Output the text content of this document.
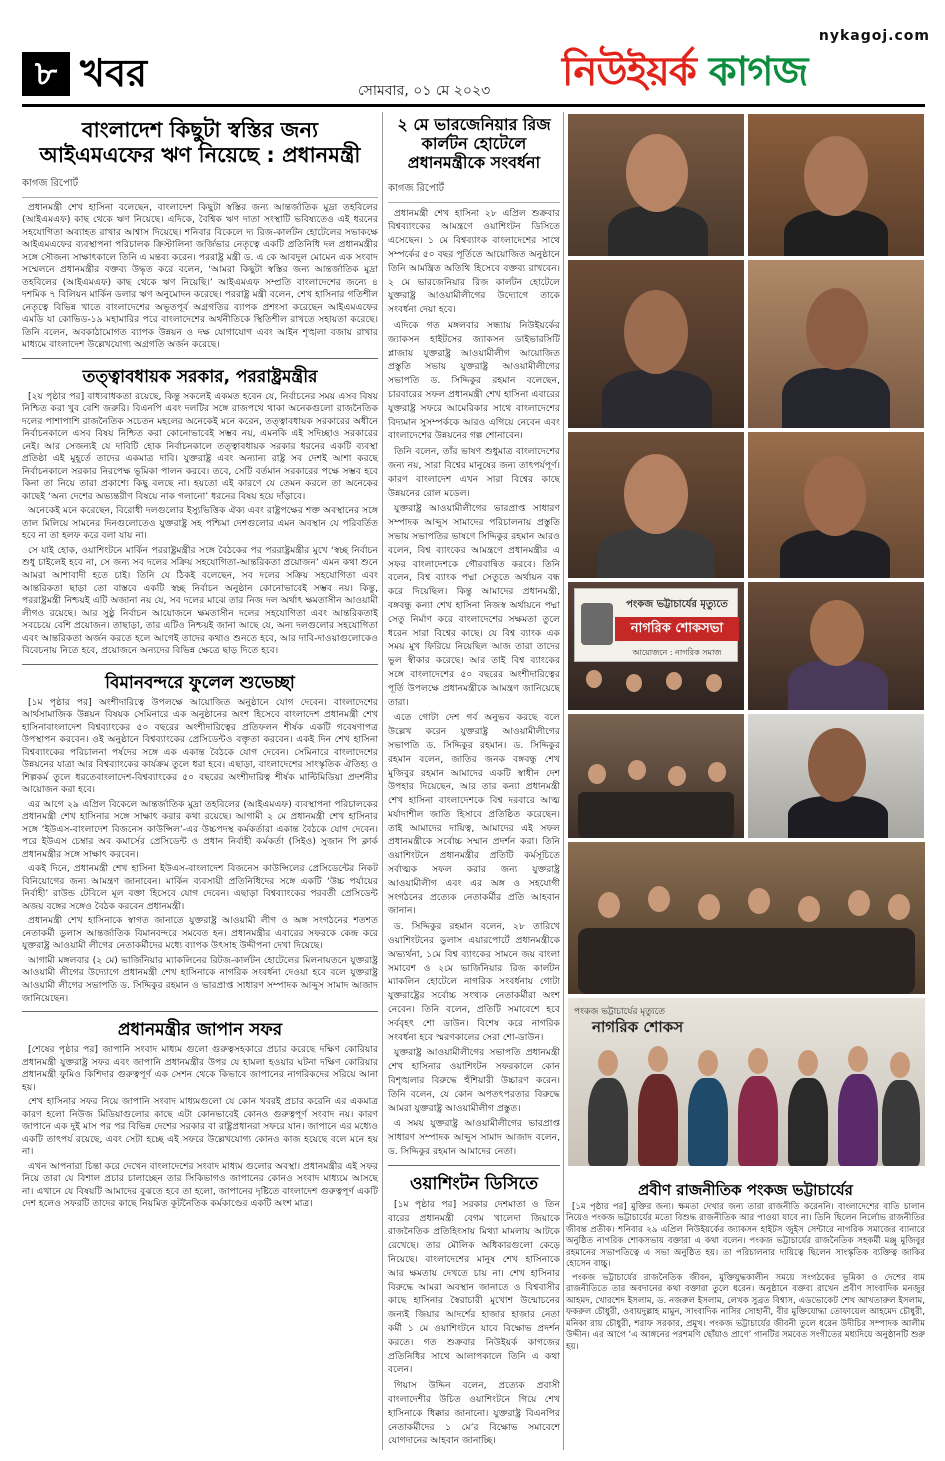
৮ খবর	সোমবার, ০১ মে ২০২৩
nykagoj.com
নিউইয়র্ক কাগজ
বাংলাদেশ কিছুটা স্বস্তির জন্য আইএমএফের ঋণ নিয়েছে : প্রধানমন্ত্রী
কাগজ রিপোর্ট

প্রধানমন্ত্রী শেখ হাসিনা বলেছেন, বাংলাদেশ কিছুটা স্বস্তির জন্য আন্তর্জাতিক মুদ্রা তহবিলের (আইএমএফ) কাছ থেকে ঋণ নিয়েছে। এদিকে, বৈশ্বিক ঋণ দাতা সংস্থাটি ভবিষ্যতেও এই ধরনের সহযোগিতা অব্যাহত রাখার আশ্বাস দিয়েছে। শনিবার বিকেলে দ্য রিজ-কার্লটন হোটেলের সভাকক্ষে আইএমএফের ব্যবস্থাপনা পরিচালক ক্রিস্টালিনা জর্জিভার নেতৃত্বে একটি প্রতিনিধি দল প্রধানমন্ত্রীর সঙ্গে সৌজন্য সাক্ষাৎকালে তিনি এ মন্তব্য করেন। পররাষ্ট্র মন্ত্রী ড. এ কে আবদুল মোমেন এক সংবাদ সম্মেলনে প্রধানমন্ত্রীর বক্তব্য উদ্ধৃত করে বলেন, ‘আমরা কিছুটা স্বস্তির জন্য আন্তর্জাতিক মুদ্রা তহবিলের (আইএমএফ) কাছ থেকে ঋণ নিয়েছি।’ আইএমএফ সম্প্রতি বাংলাদেশের জন্যে ৪ দশমিক ৭ বিলিয়ন মার্কিন ডলার ঋণ অনুমোদন করেছে। পররাষ্ট্র মন্ত্রী বলেন, শেখ হাসিনার গতিশীল নেতৃত্বে বিভিন্ন খাতে বাংলাদেশের অভূতপূর্ব অগ্রগতির ব্যাপক প্রশংসা করেছেন আইএমএফের এমডি যা কোভিড-১৯ মহামারির পরে বাংলাদেশের অর্থনীতিকে স্থিতিশীল রাখতে সহায়তা করেছে। তিনি বলেন, অবকাঠামোগত ব্যাপক উন্নয়ন ও দক্ষ যোগাযোগ এবং আইন শৃঙ্খলা বজায় রাখার মাধ্যমে বাংলাদেশ উল্লেখযোগ্য অগ্রগতি অর্জন করেছে।

তত্ত্বাবধায়ক সরকার, পররাষ্ট্রমন্ত্রীর

[২য় পৃষ্ঠার পর] বাধ্যবাধকতা রয়েছে, কিন্তু সকলেই একমত হবেন যে, নির্বাচনের সময় এসব বিষয় নিশ্চিত করা খুব বেশি জরুরি। বিএনপি এবং দলটির সঙ্গে রাজপথে থাকা অনেকগুলো রাজনৈতিক দলের পাশাপাশি রাজনৈতিক সচেতন মহলের অনেকেই মনে করেন, তত্ত্বাবধায়ক সরকারের অধীনে নির্বাচনকালে এসব বিষয় নিশ্চিত করা কোনোভাবেই সম্ভব নয়, এমনকি এই সদিচ্ছাও সরকারের নেই। আর সেজন্যই যে দাবিটি হোক নির্বাচনকালে তত্ত্বাবধায়ক সরকার ধরনের একটি ব্যবস্থা প্রতিষ্ঠা এই মুহূর্তে তাদের একমাত্র দাবি। যুক্তরাষ্ট্র এবং অন্যান্য রাষ্ট্র সব দেশই আশা করছে নির্বাচনকালে সরকার নিরপেক্ষ ভূমিকা পালন করবে। তবে, সেটি বর্তমান সরকারের পক্ষে সম্ভব হবে কিনা তা নিয়ে তারা প্রকাশ্যে কিছু বলছে না। হয়তো এই কারণে যে তেমন করলে তা অনেকের কাছেই ‘অন্য দেশের অভ্যন্তরীণ বিষয়ে নাক গলানো’ ধরনের বিষয় হয়ে দাঁড়াবে।

অনেকেই মনে করেছেন, বিরোধী দলগুলোর ইস্যুভিত্তিক ঐক্য এবং রাষ্ট্রপক্ষের শক্ত অবস্থানের সঙ্গে তাল মিলিয়ে সামনের দিনগুলোতেও যুক্তরাষ্ট্র সহ পশ্চিমা দেশগুলোর এমন অবস্থান যে পরিবর্তিত হবে না তা হলফ করে বলা যায় না।

সে যাই হোক, ওয়াশিংটনে মার্কিন পররাষ্ট্রমন্ত্রীর সঙ্গে বৈঠকের পর পররাষ্ট্রমন্ত্রীর মুখে ‘স্বচ্ছ নির্বাচন শুধু চাইলেই হবে না, সে জন্য সব দলের সক্রিয় সহযোগিতা-আন্তরিকতা প্রয়োজন’ এমন কথা শুনে আমরা আশাবাদী হতে চাই। তিনি যে ঠিকই বলেছেন, সব দলের সক্রিয় সহযোগিতা এবং আন্তরিকতা ছাড়া তো বাস্তবে একটি স্বচ্ছ নির্বাচন অনুষ্ঠান কোনোভাবেই সম্ভব নয়। কিন্তু, পররাষ্ট্রমন্ত্রী নিশ্চয়ই এটি অজানা নয় যে, সব দলের মাঝে তার নিজ দল অর্থাৎ ক্ষমতাসীন আওয়ামী লীগও রয়েছে। আর সুষ্ঠু নির্বাচন আয়োজনে ক্ষমতাসীন দলের সহযোগিতা এবং আন্তরিকতাই সবচেয়ে বেশি প্রয়োজন। তাছাড়া, তার এটিও নিশ্চয়ই জানা আছে যে, অন্য দলগুলোর সহযোগিতা এবং আন্তরিকতা অর্জন করতে হলে আগেই তাদের কথাও শুনতে হবে, আর দাবি-দাওয়াগুলোকেও বিবেচনায় নিতে হবে, প্রয়োজনে অন্যদের বিভিন্ন ক্ষেত্রে ছাড় দিতে হবে।

বিমানবন্দরে ফুলেল শুভেচ্ছা

[১ম পৃষ্ঠার পর] অংশীদারিত্বে উপলক্ষে আয়োজিত অনুষ্ঠানে যোগ দেবেন। বাংলাদেশের আর্থসামাজিক উন্নয়ন বিষয়ক সেমিনারে এক অনুষ্ঠানের অংশ হিসেবে বাংলাদেশ প্রধানমন্ত্রী শেখ হাসিনাবাংলাদেশ বিশ্বব্যাংকের ৫০ বছরের অংশীদারিত্বের প্রতিফলন শীর্ষক একটি গবেষণাপত্র উপস্থাপন করবেন। ওই অনুষ্ঠানে বিশ্বব্যাংকের প্রেসিডেন্টও বক্তৃতা করবেন। একই দিন শেখ হাসিনা বিশ্বব্যাংকের পরিচালনা পর্ষদের সঙ্গে এক একান্ত বৈঠকে যোগ দেবেন। সেমিনারে বাংলাদেশের উন্নয়নের যাত্রা আর বিশ্বব্যাংকের কার্যক্রম তুলে ধরা হবে। এছাড়া, বাংলাদেশের সাংস্কৃতিক ঐতিহ্য ও শিল্পকর্ম তুলে ধরতেবাংলাদেশ-বিশ্বব্যাংকের ৫০ বছরের অংশীদারিত্ব শীর্ষক মাল্টিমিডিয়া প্রদর্শনীর আয়োজন করা হবে।

এর আগে ২৯ এপ্রিল বিকেলে আন্তর্জাতিক মুদ্রা তহবিলের (আইএমএফ) ব্যবস্থাপনা পরিচালকের প্রধানমন্ত্রী শেখ হাসিনার সঙ্গে সাক্ষাৎ করার কথা রয়েছে। আগামী ২ মে প্রধানমন্ত্রী শেখ হাসিনার সঙ্গে ‘ইউএস-বাংলাদেশ বিজনেস কাউন্সিল’-এর উচ্চপদস্থ কর্মকর্তারা একান্ত বৈঠকে যোগ দেবেন। পরে ইউএস চেম্বার অব কমার্সের প্রেসিডেন্ট ও প্রধান নির্বাহী কর্মকর্তা (সিইও) সুজান পি ক্লার্ক প্রধানমন্ত্রীর সঙ্গে সাক্ষাৎ করবেন।

একই দিনে, প্রধানমন্ত্রী শেখ হাসিনা ইউএস-বাংলাদেশ বিজনেস কাউন্সিলের প্রেসিডেন্টের নিকট বিনিয়োগের জন্য আমন্ত্রণ জানাবেন। মার্কিন ব্যবসায়ী প্রতিনিধিদের সঙ্গে একটি ‘উচ্চ পর্যায়ের নির্বাহী’ রাউন্ড টেবিলে মূল বক্তা হিসেবে যোগ দেবেন। এছাড়া বিশ্বব্যাংকের পরবর্তী প্রেসিডেন্ট অজয় বঙ্গের সঙ্গেও বৈঠক করবেন প্রধানমন্ত্রী।

প্রধানমন্ত্রী শেখ হাসিনাকে স্বাগত জানাতে যুক্তরাষ্ট্র আওয়ামী লীগ ও অঙ্গ সংগঠনের শতশত নেতাকর্মী ডুলাস আন্তর্জাতিক বিমানবন্দরে সমবেত হন। প্রধানমন্ত্রীর এবারের সফরকে কেন্দ্র করে যুক্তরাষ্ট্র আওয়ামী লীগের নেতাকর্মীদের মধ্যে ব্যাপক উৎসাহ উদ্দীপনা দেখা দিয়েছে।

আগামী মঙ্গলবার (২ মে) ভার্জিনিয়ার ম্যাকলিনের রিটজ-কার্লটন হোটেলের মিলনায়তনে যুক্তরাষ্ট্র আওয়ামী লীগের উদ্যোগে প্রধানমন্ত্রী শেখ হাসিনাকে নাগরিক সংবর্ধনা দেওয়া হবে বলে যুক্তরাষ্ট্র আওয়ামী লীগের সভাপতি ড. সিদ্দিকুর রহমান ও ভারপ্রাপ্ত সাধারণ সম্পাদক আব্দুস সামাদ আজাদ জানিয়েছেন।

প্রধানমন্ত্রীর জাপান সফর

[শেষের পৃষ্ঠার পর] জাপানি সংবাদ মাধ্যম গুলো গুরুত্বসহকারে প্রচার করেছে দক্ষিণ কোরিয়ার প্রধানমন্ত্রী যুক্তরাষ্ট্র সফর এবং জাপানি প্রধানমন্ত্রীর উপর যে হামলা হওয়ার ঘটনা দক্ষিণ কোরিয়ার প্রধানমন্ত্রী ফুমিও কিশিদার গুরুত্বপূর্ণ এক সেশন থেকে কিভাবে জাপানের নাগরিকদের সরিয়ে আনা হয়।

শেখ হাসিনার সফর নিয়ে জাপানি সংবাদ মাধ্যমগুলো যে কোন খবরই প্রচার করেনি এর একমাত্র কারণ হলো নিউজ মিডিয়াগুলোর কাছে এটা কোনভাবেই কোনও গুরুত্বপূর্ণ সংবাদ নয়। কারণ জাপানে এক দুই মাস পর পর বিভিন্ন দেশের সরকার বা রাষ্ট্রপ্রধানরা সফরে যান। জাপানে এর মধ্যেও একটি তাৎপর্য রয়েছে, এবং সেটা হচ্ছে এই সফরে উল্লেখযোগ্য কোনও কাজ হয়েছে বলে মনে হয় না।

এখন আপনারা চিন্তা করে দেখেন বাংলাদেশের সংবাদ মাধ্যম গুলোর অবস্থা। প্রধানমন্ত্রীর এই সফর নিয়ে তারা যে বিশাল প্রচার চালাচ্ছেন তার সিকিভাগও জাপানের কোনও সংবাদ মাধ্যমে আসছে না। এখানে যে বিষয়টি আমাদের বুঝতে হবে তা হলো, জাপানের দৃষ্টিতে বাংলাদেশ গুরুত্বপূর্ণ একটি দেশ হলেও সফরটি তাদের কাছে নিয়মিত কূটনৈতিক কর্মকাণ্ডের একটি অংশ মাত্র।

২ মে ভারজেনিয়ার রিজ কার্লটন হোটেলে প্রধানমন্ত্রীকে সংবর্ধনা
কাগজ রিপোর্ট

প্রধানমন্ত্রী শেখ হাসিনা ২৮ এপ্রিল শুক্রবার বিশ্বব্যাংকের আমন্ত্রণে ওয়াশিংটন ডিসিতে এসেছেন। ১ মে বিশ্বব্যাংক বাংলাদেশের সাথে সম্পর্কের ৫০ বছর পূর্তিতে আয়োজিত অনুষ্ঠানে তিনি আমন্ত্রিত অতিথি হিসেবে বক্তব্য রাখবেন। ২ মে ভারজেনিয়ার রিজ কার্লটন হোটেলে যুক্তরাষ্ট্র আওয়ামীলীগের উদ্যোগে তাকে সংবর্ধনা দেয়া হবে।

এদিকে গত মঙ্গলবার সন্ধ্যায় নিউইয়র্কের জ্যাকসন হাইটসের জ্যাকসন ডাইভারসিটি প্লাজায় যুক্তরাষ্ট্র আওয়ামীলীগ আয়োজিত প্রস্তুতি সভায় যুক্তরাষ্ট্র আওয়ামীলীগের সভাপতি ড. সিদ্দিকুর রহমান বলেছেন, চারবারের সফল প্রধানমন্ত্রী শেখ হাসিনা এবারের যুক্তরাষ্ট্র সফরে আমেরিকার সাথে বাংলাদেশের বিদ্যমান সুসম্পর্ককে আরও এগিয়ে নেবেন এবং বাংলাদেশের উন্নয়নের গল্প শোনাবেন।

তিনি বলেন, তাঁর ভাষণ শুধুমাত্র বাংলাদেশের জন্য নয়, সারা বিশ্বের মানুষের জন্য তাৎপর্যপূর্ণ। কারণ বাংলাদেশ এখন সারা বিশ্বের কাছে উন্নয়নের রোল মডেল।

যুক্তরাষ্ট্র আওয়ামীলীগের ভারপ্রাপ্ত সাধারণ সম্পাদক আব্দুস সামাদের পরিচালনায় প্রস্তুতি সভায় সভাপতির ভাষণে সিদ্দিকুর রহমান আরও বলেন, বিশ্ব ব্যাংকের আমন্ত্রণে প্রধানমন্ত্রীর এ সফর বাংলাদেশকে গৌরবান্বিত করবে। তিনি বলেন, বিশ্ব ব্যাংক পদ্মা সেতুতে অর্থায়ন বন্ধ করে দিয়েছিল। কিন্তু আমাদের প্রধানমন্ত্রী, বঙ্গবন্ধু কন্যা শেখ হাসিনা নিজস্ব অর্থায়নে পদ্মা সেতু নির্মাণ করে বাংলাদেশের সক্ষমতা তুলে ধরেন সারা বিশ্বের কাছে। যে বিশ্ব ব্যাংক এক সময় মুখ ফিরিয়ে নিয়েছিল আজ তারা তাদের ভুল স্বীকার করেছে। আর তাই বিশ্ব ব্যাংকের সঙ্গে বাংলাদেশের ৫০ বছরের অংশীদারিত্বের পূর্তি উপলক্ষে প্রধানমন্ত্রীকে আমন্ত্রণ জানিয়েছে তারা।

এতে গোটা দেশ গর্ব অনুভব করছে বলে উল্লেখ করেন যুক্তরাষ্ট্র আওয়ামীলীগের সভাপতি ড. সিদ্দিকুর রহমান। ড. সিদ্দিকুর রহমান বলেন, জাতির জনক বঙ্গবন্ধু শেখ মুজিবুর রহমান আমাদের একটি স্বাধীন দেশ উপহার দিয়েছেন, আর তার কন্যা প্রধানমন্ত্রী শেখ হাসিনা বাংলাদেশকে বিশ্ব দরবারে আত্ম মর্যাদাশীল জাতি হিসাবে প্রতিষ্ঠিত করেছেন। তাই আমাদের দায়িত্ব, আমাদের এই সফল প্রধানমন্ত্রীকে সর্বোচ্চ সম্মান প্রদর্শন করা। তিনি ওয়াশিংটনে প্রধানমন্ত্রীর প্রতিটি কর্মসূচিতে সর্বাত্মক সফল করার জন্য যুক্তরাষ্ট্র আওয়ামীলীগ এবং এর অঙ্গ ও সহযোগী সংগঠনের প্রত্যেক নেতাকর্মীর প্রতি আহবান জানান।

ড. সিদ্দিকুর রহমান বলেন, ২৮ তারিখে ওয়াশিংটনের ডুলাস এয়ারপোর্টে প্রধানমন্ত্রীকে অভ্যর্থনা, ১মে বিশ্ব ব্যাংকের সামনে জয় বাংলা সমাবেশ ও ২মে ভার্জিনিয়ার রিজ কার্লটন ম্যাকলিন হোটেলে নাগরিক সংবর্ধনায় গোটা যুক্তরাষ্ট্রের সর্বোচ্চ সংখ্যক নেতাকর্মীরা অংশ নেবেন। তিনি বলেন, প্রতিটি সমাবেশে হবে সর্ববৃহৎ শো ডাউন। বিশেষ করে নাগরিক সংবর্ধনা হবে স্মরণকালের সেরা শো-ডাউন।

যুক্তরাষ্ট্র আওয়ামীলীগের সভাপতি প্রধানমন্ত্রী শেখ হাসিনার ওয়াশিংটন সফরকালে কোন বিশৃঙ্খলার বিরুদ্ধে হুঁশিয়ারী উচ্চারণ করেন। তিনি বলেন, যে কোন অপতৎপরতার বিরুদ্ধে আমরা যুক্তরাষ্ট্র আওয়ামীলীগ প্রস্তুত।

এ সময় যুক্তরাষ্ট্র আওয়ামীলীগের ভারপ্রাপ্ত সাধারণ সম্পাদক আব্দুস সামাদ আজাদ বলেন, ড. সিদ্দিকুর রহমান আমাদের নেতা।

ওয়াশিংটন ডিসিতে

[১ম পৃষ্ঠার পর] সরকার দেশমাতা ও তিন বারের প্রধানমন্ত্রী বেগম খালেদা জিয়াকে রাজনৈতিক প্রতিহিংসায় মিথ্যা মামলায় আটকে রেখেছে। তার মৌলিক অধিকারগুলো কেড়ে নিয়েছে। বাংলাদেশের মানুষ শেখ হাসিনাকে আর ক্ষমতায় দেখতে চায় না। শেখ হাসিনার বিরুদ্ধে আমরা অবস্থান জানাতে ও বিশ্ববাসীর কাছে হাসিনার স্বৈরাচারী মুখোশ উন্মোচনের জন্যই জিয়ার আদর্শের হাজার হাজার নেতা কর্মী ১ মে ওয়াশিংটনে যাবে বিক্ষোভ প্রদর্শন করতে। গত শুক্রবার নিউইয়র্ক কাগজের প্রতিনিধির সাথে আলাপকালে তিনি এ কথা বলেন।

গিয়াস উদ্দিন বলেন, প্রত্যেক প্রবাসী বাংলাদেশীর উচিত ওয়াশিংটনে গিয়ে শেখ হাসিনাকে ধিক্কার জানানো। যুক্তরাষ্ট্র বিএনপির নেতাকর্মীদের ১ মে’র বিক্ষোভ সমাবেশে যোগদানের আহবান জানাচ্ছি।

পংকজ ভট্টাচার্যের মৃত্যুতে
নাগরিক শোকসভা
আয়োজনে : নাগরিক সমাজ
পংকজ ভট্টাচার্যের মৃত্যুতে
নাগরিক শোকস
প্রবীণ রাজনীতিক পংকজ ভট্টাচার্যের

[১ম পৃষ্ঠার পর] মুক্তির জন্য। ক্ষমতা দেখার জন্য তারা রাজনীতি করেননি। বাংলাদেশের বাতি চালান নিয়েও পংকজ ভট্টাচার্যের মতো বিশুদ্ধ রাজনীতিক আর পাওয়া যাবে না। তিনি ছিলেন নির্লোভ রাজনীতির জীবন্ত প্রতীক। শনিবার ২৯ এপ্রিল নিউইয়র্কের জ্যাকসন হাইটস জুইস সেন্টারে নাগরিক সমাজের ব্যানারে অনুষ্ঠিত নাগরিক শোকসভায় বক্তারা এ কথা বলেন। পংকজ ভট্টাচার্যের রাজনৈতিক সহকর্মী মঞ্জু মুজিবুর রহমানের সভাপতিত্বে এ সভা অনুষ্ঠিত হয়। তা পরিচালনার দায়িত্বে ছিলেন সাংস্কৃতিক ব্যক্তিত্ব জাকির হোসেন বাচ্চু।

পংকজ ভট্টাচার্যের রাজনৈতিক জীবন, মুক্তিযুদ্ধকালীন সময়ে সংগঠকের ভূমিকা ও দেশের বাম রাজনীতিতে তার অবদানের কথা বক্তারা তুলে ধরেন। অনুষ্ঠানে বক্তব্য রাখেন প্রবীণ সাংবাদিক মনজুর আহমদ, খোরশেদ ইসলাম, ড. নজরুল ইসলাম, লেখক সুব্রত বিশ্বাস, এডভোকেট শেখ আখতারুল ইসলাম, ফকরুল চৌধুরী, ওবায়দুল্লাহ মামুন, সাংবাদিক নাসির সোহানী, বীর মুক্তিযোদ্ধা তোফায়েল আহমেদ চৌধুরী, মনিকা রায় চৌধুরী, শরাফ সরকার, প্রমুখ। পংকজ ভট্টাচার্যের জীবনী তুলে ধরেন উদীচির সম্পাদক আলীম উদ্দীন। এর আগে ‘এ আঙ্গনের পরশমণি ছোঁয়াও প্রাণে’ গানটির সমবেত সংগীতের মধ্যদিয়ে অনুষ্ঠানটি শুরু হয়।
